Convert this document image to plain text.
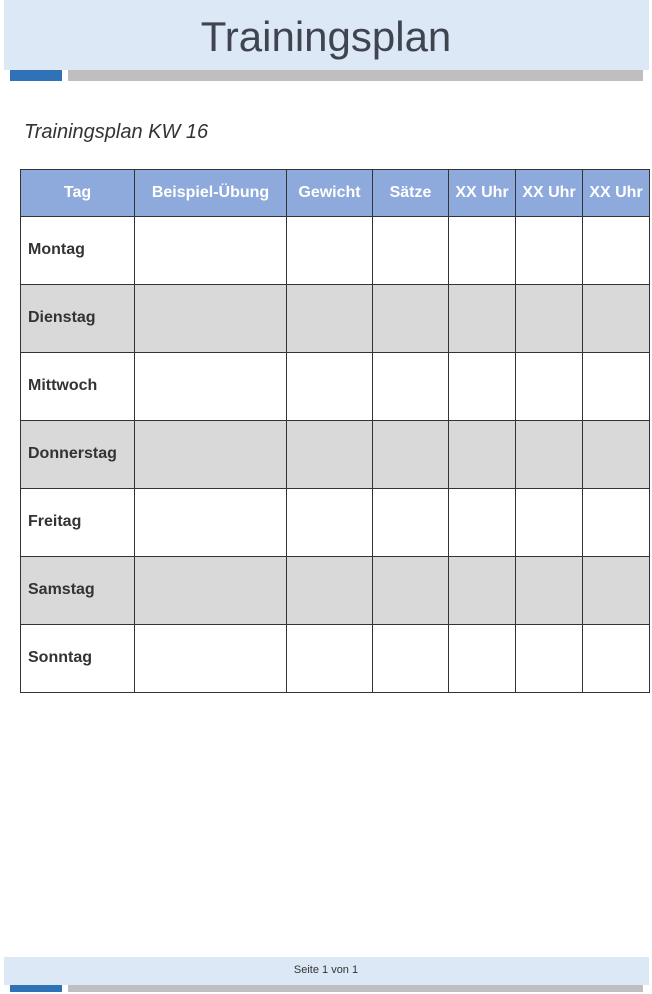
Trainingsplan
Trainingsplan KW 16
Tag	Beispiel-Übung	Gewicht	Sätze	XX Uhr	XX Uhr	XX Uhr
Montag						
Dienstag						
Mittwoch						
Donnerstag						
Freitag						
Samstag						
Sonntag						
Seite 1 von 1
